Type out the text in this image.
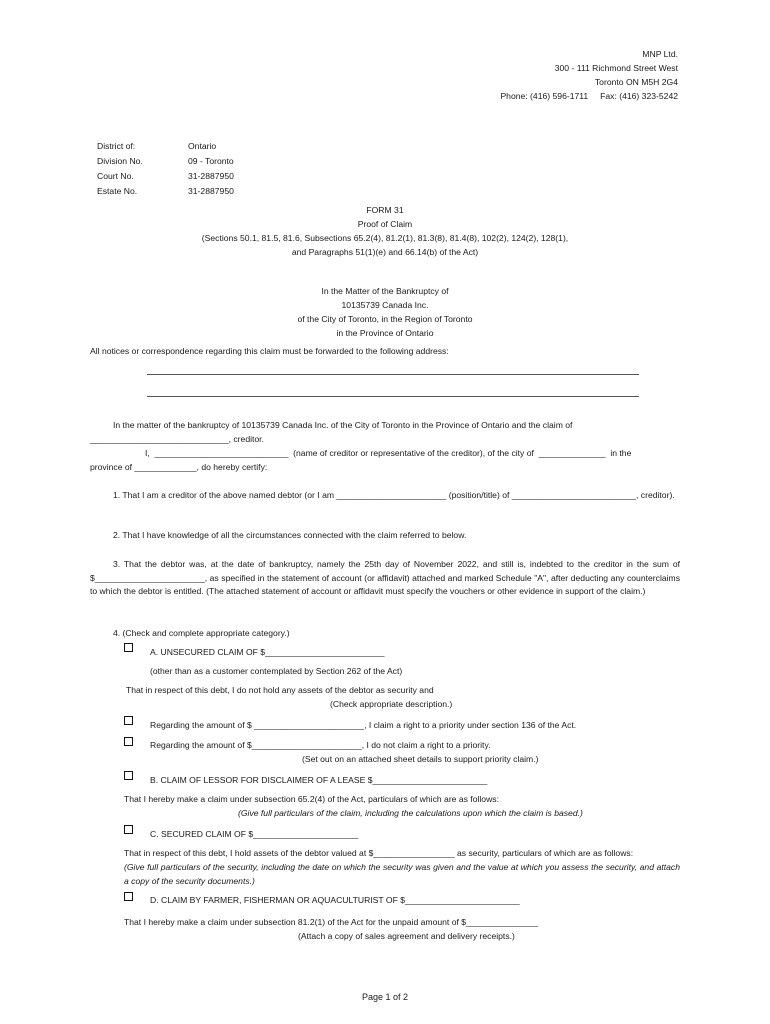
MNP Ltd.
300 - 111 Richmond Street West
Toronto ON M5H 2G4
Phone: (416) 596-1711     Fax: (416) 323-5242
District of:	Ontario
Division No.	09 - Toronto
Court No.	31-2887950
Estate No.	31-2887950
FORM 31
Proof of Claim
(Sections 50.1, 81.5, 81.6, Subsections 65.2(4), 81.2(1), 81.3(8), 81.4(8), 102(2), 124(2), 128(1),
and Paragraphs 51(1)(e) and 66.14(b) of the Act)
In the Matter of the Bankruptcy of
10135739 Canada Inc.
of the City of Toronto, in the Region of Toronto
in the Province of Ontario
All notices or correspondence regarding this claim must be forwarded to the following address:
In the matter of the bankruptcy of 10135739 Canada Inc. of the City of Toronto in the Province of Ontario and the claim of
_____________________________, creditor.
I,  ____________________________  (name of creditor or representative of the creditor), of the city of  ______________  in the
province of _____________, do hereby certify:
1. That I am a creditor of the above named debtor (or I am _______________________ (position/title) of __________________________, creditor).
2. That I have knowledge of all the circumstances connected with the claim referred to below.
3. That the debtor was, at the date of bankruptcy, namely the 25th day of November 2022, and still is, indebted to the creditor in the sum of $_______________________, as specified in the statement of account (or affidavit) attached and marked Schedule "A", after deducting any counterclaims to which the debtor is entitled. (The attached statement of account or affidavit must specify the vouchers or other evidence in support of the claim.)
4. (Check and complete appropriate category.)
A. UNSECURED CLAIM OF $_________________________
(other than as a customer contemplated by Section 262 of the Act)
That in respect of this debt, I do not hold any assets of the debtor as security and
(Check appropriate description.)
Regarding the amount of $ _______________________, I claim a right to a priority under section 136 of the Act.
Regarding the amount of $_______________________, I do not claim a right to a priority.
(Set out on an attached sheet details to support priority claim.)
B. CLAIM OF LESSOR FOR DISCLAIMER OF A LEASE $________________________
That I hereby make a claim under subsection 65.2(4) of the Act, particulars of which are as follows:
(Give full particulars of the claim, including the calculations upon which the claim is based.)
C. SECURED CLAIM OF $______________________
That in respect of this debt, I hold assets of the debtor valued at $_________________ as security, particulars of which are as follows:
(Give full particulars of the security, including the date on which the security was given and the value at which you assess the security, and attach a copy of the security documents.)
D. CLAIM BY FARMER, FISHERMAN OR AQUACULTURIST OF $________________________
That I hereby make a claim under subsection 81.2(1) of the Act for the unpaid amount of $_______________
(Attach a copy of sales agreement and delivery receipts.)
Page 1 of 2
